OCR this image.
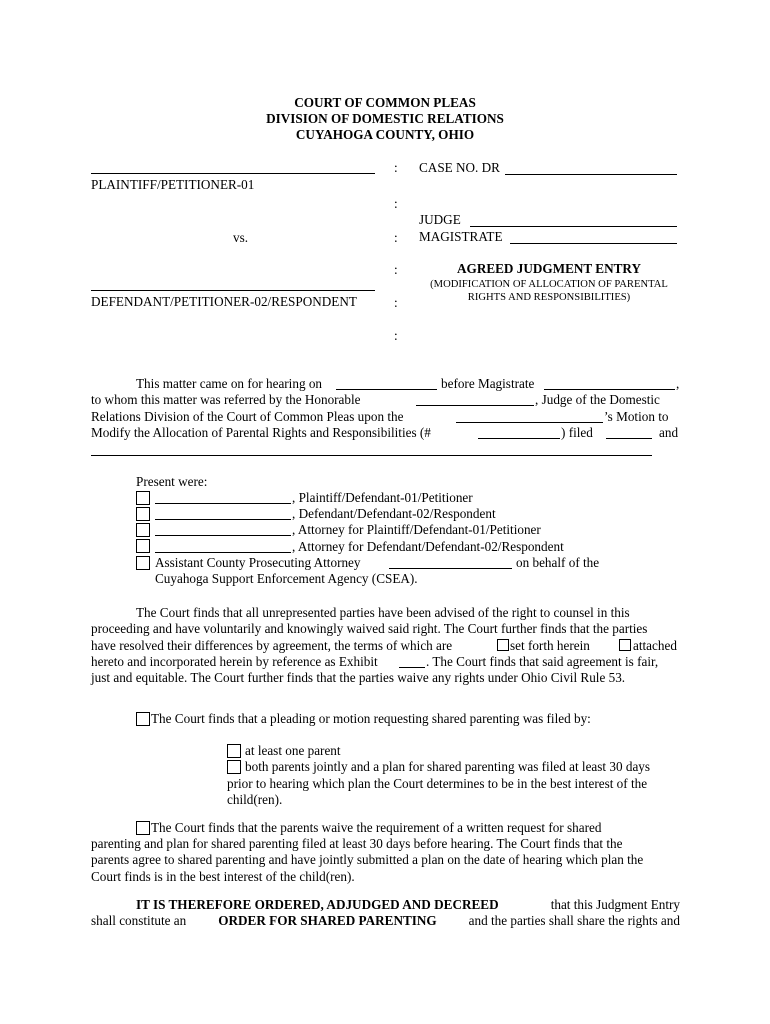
COURT OF COMMON PLEAS
DIVISION OF DOMESTIC RELATIONS
CUYAHOGA COUNTY, OHIO
PLAINTIFF/PETITIONER-01
vs.
DEFENDANT/PETITIONER-02/RESPONDENT
:
:
:
:
:
:
CASE NO. DR
JUDGE
MAGISTRATE
AGREED JUDGMENT ENTRY
(MODIFICATION OF ALLOCATION OF PARENTAL
RIGHTS AND RESPONSIBILITIES)
This matter came on for hearing on	before Magistrate	,
to whom this matter was referred by the Honorable	, Judge of the Domestic
Relations Division of the Court of Common Pleas upon the	’s Motion to
Modify the Allocation of Parental Rights and Responsibilities (#	) filed	and
Present were:
, Plaintiff/Defendant-01/Petitioner
, Defendant/Defendant-02/Respondent
, Attorney for Plaintiff/Defendant-01/Petitioner
, Attorney for Defendant/Defendant-02/Respondent
Assistant County Prosecuting Attorney	on behalf of the
Cuyahoga Support Enforcement Agency (CSEA).
The Court finds that all unrepresented parties have been advised of the right to counsel in this
proceeding and have voluntarily and knowingly waived said right. The Court further finds that the parties
have resolved their differences by agreement, the terms of which are	set forth herein	attached
hereto and incorporated herein by reference as Exhibit	. The Court finds that said agreement is fair,
just and equitable. The Court further finds that the parties waive any rights under Ohio Civil Rule 53.
The Court finds that a pleading or motion requesting shared parenting was filed by:
at least one parent
both parents jointly and a plan for shared parenting was filed at least 30 days
prior to hearing which plan the Court determines to be in the best interest of the
child(ren).
The Court finds that the parents waive the requirement of a written request for shared
parenting and plan for shared parenting filed at least 30 days before hearing. The Court finds that the
parents agree to shared parenting and have jointly submitted a plan on the date of hearing which plan the
Court finds is in the best interest of the child(ren).
IT IS THEREFORE ORDERED, ADJUDGED AND DECREED	that this Judgment Entry
shall constitute an ORDER FOR SHARED PARENTING and the parties shall share the rights and
